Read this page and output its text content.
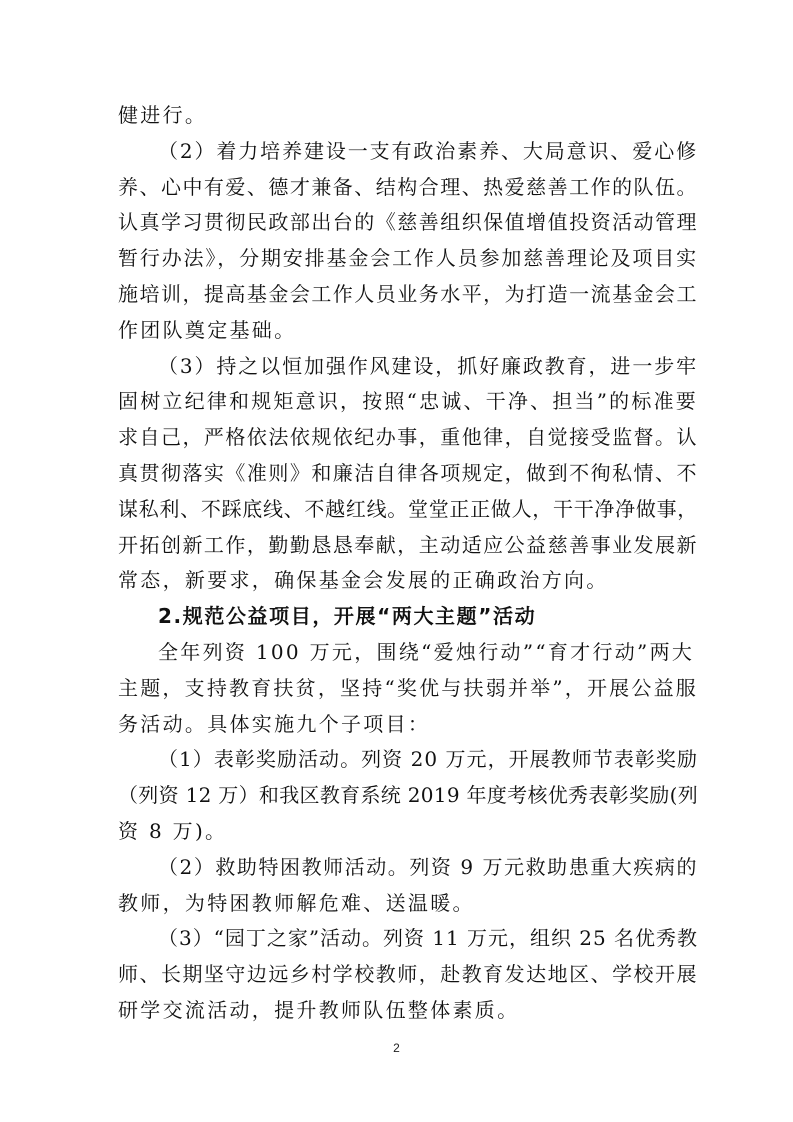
健进行。
（2）着力培养建设一支有政治素养、大局意识、爱心修
养、心中有爱、德才兼备、结构合理、热爱慈善工作的队伍。
认真学习贯彻民政部出台的《慈善组织保值增值投资活动管理
暂行办法》，分期安排基金会工作人员参加慈善理论及项目实
施培训，提高基金会工作人员业务水平，为打造一流基金会工
作团队奠定基础。
（3）持之以恒加强作风建设，抓好廉政教育，进一步牢
固树立纪律和规矩意识，按照“忠诚、干净、担当”的标准要
求自己，严格依法依规依纪办事，重他律，自觉接受监督。认
真贯彻落实《准则》和廉洁自律各项规定，做到不徇私情、不
谋私利、不踩底线、不越红线。堂堂正正做人，干干净净做事，
开拓创新工作，勤勤恳恳奉献，主动适应公益慈善事业发展新
常态，新要求，确保基金会发展的正确政治方向。
2.规范公益项目，开展“两大主题”活动
全年列资 100 万元，围绕“爱烛行动”“育才行动”两大
主题，支持教育扶贫，坚持“奖优与扶弱并举”，开展公益服
务活动。具体实施九个子项目：
（1）表彰奖励活动。列资 20 万元，开展教师节表彰奖励
（列资 12 万）和我区教育系统 2019 年度考核优秀表彰奖励(列
资 8 万)。
（2）救助特困教师活动。列资 9 万元救助患重大疾病的
教师，为特困教师解危难、送温暖。
（3）“园丁之家”活动。列资 11 万元，组织 25 名优秀教
师、长期坚守边远乡村学校教师，赴教育发达地区、学校开展
研学交流活动，提升教师队伍整体素质。
2
